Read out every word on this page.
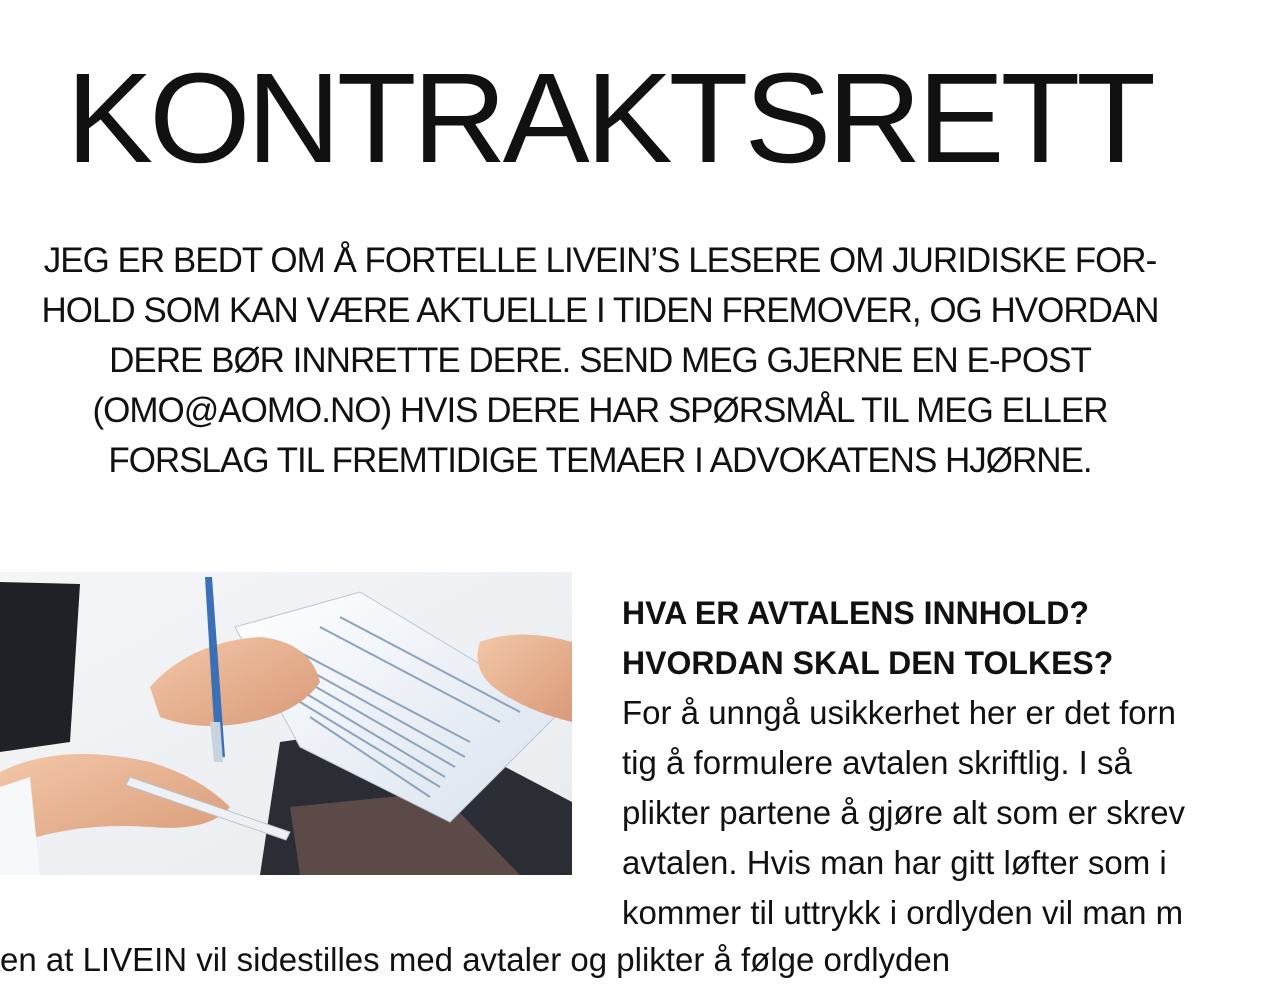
KONTRAKTSRETT
JEG ER BEDT OM Å FORTELLE LIVEIN’S LESERE OM JURIDISKE FOR-
HOLD SOM KAN VÆRE AKTUELLE I TIDEN FREMOVER, OG HVORDAN
DERE BØR INNRETTE DERE. SEND MEG GJERNE EN E-POST
(OMO@AOMO.NO) HVIS DERE HAR SPØRSMÅL TIL MEG ELLER
FORSLAG TIL FREMTIDIGE TEMAER I ADVOKATENS HJØRNE.
HVA ER AVTALENS INNHOLD?
HVORDAN SKAL DEN TOLKES?
For å unngå usikkerhet her er det forn
tig å formulere avtalen skriftlig. I så
plikter partene å gjøre alt som er skrev
avtalen. Hvis man har gitt løfter som i
kommer til uttrykk i ordlyden vil man m
en at LIVEIN vil sidestilles med avtaler og plikter å følge ordlyden
